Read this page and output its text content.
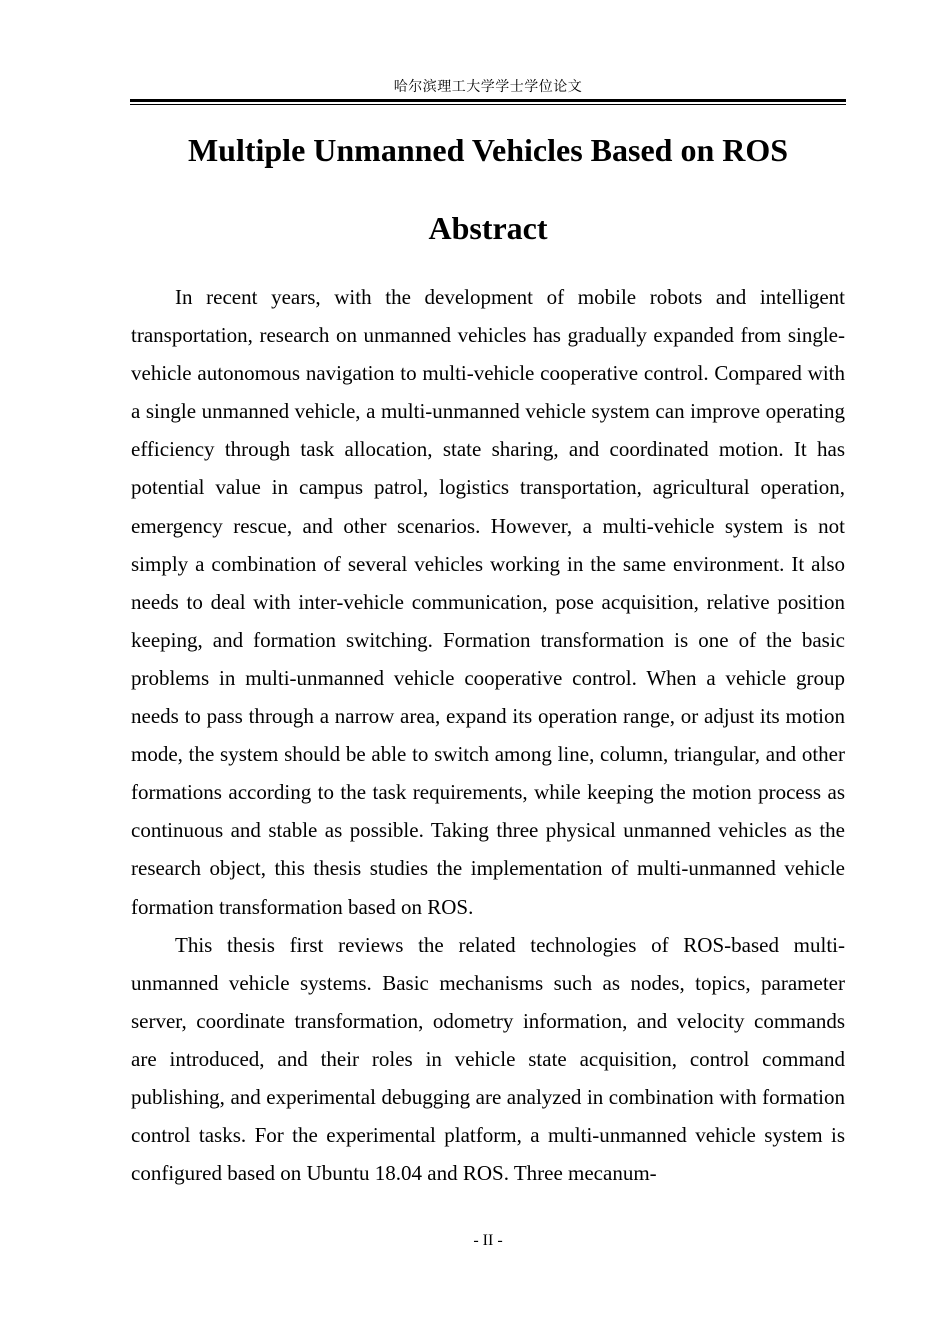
哈尔滨理工大学学士学位论文
Multiple Unmanned Vehicles Based on ROS
Abstract

In recent years, with the development of mobile robots and intelligent transportation, research on unmanned vehicles has gradually expanded from single-vehicle autonomous navigation to multi-vehicle cooperative control. Compared with a single unmanned vehicle, a multi-unmanned vehicle system can improve operating efficiency through task allocation, state sharing, and coordinated motion. It has potential value in campus patrol, logistics transportation, agricultural operation, emergency rescue, and other scenarios. However, a multi-vehicle system is not simply a combination of several vehicles working in the same environment. It also needs to deal with inter-vehicle communication, pose acquisition, relative position keeping, and formation switching. Formation transformation is one of the basic problems in multi-unmanned vehicle cooperative control. When a vehicle group needs to pass through a narrow area, expand its operation range, or adjust its motion mode, the system should be able to switch among line, column, triangular, and other formations according to the task requirements, while keeping the motion process as continuous and stable as possible. Taking three physical unmanned vehicles as the research object, this thesis studies the implementation of multi-unmanned vehicle formation transformation based on ROS.

This thesis first reviews the related technologies of ROS-based multi-unmanned vehicle systems. Basic mechanisms such as nodes, topics, parameter server, coordinate transformation, odometry information, and velocity commands are introduced, and their roles in vehicle state acquisition, control command publishing, and experimental debugging are analyzed in combination with formation control tasks. For the experimental platform, a multi-unmanned vehicle system is configured based on Ubuntu 18.04 and ROS. Three mecanum-

- II -
